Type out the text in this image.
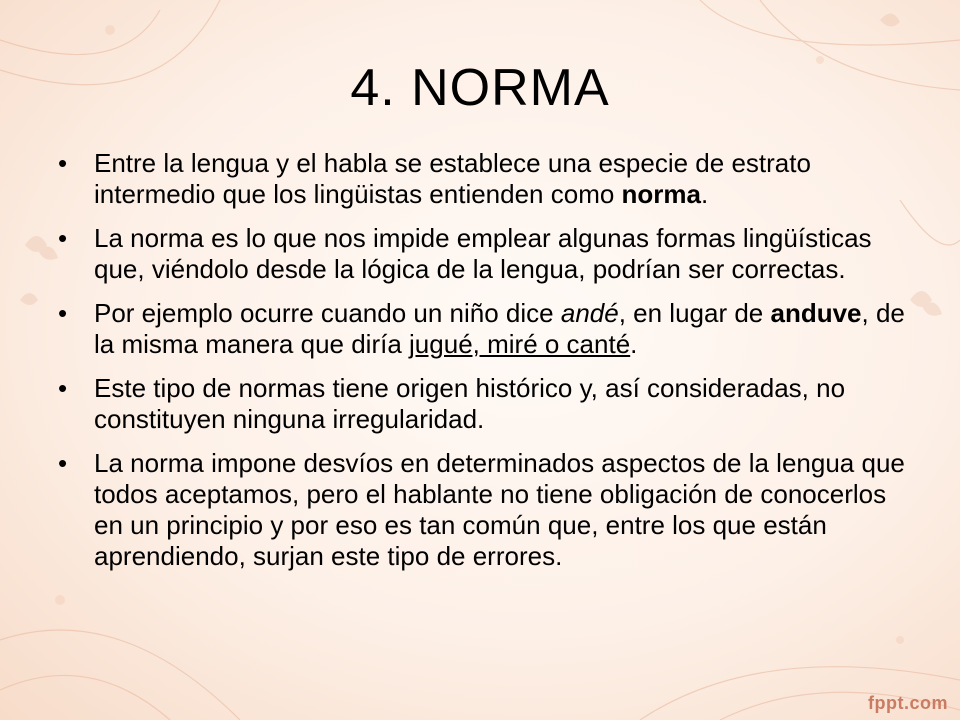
4. NORMA
• Entre la lengua y el habla se establece una especie de estrato intermedio que los lingüistas entienden como norma.
• La norma es lo que nos impide emplear algunas formas lingüísticas que, viéndolo desde la lógica de la lengua, podrían ser correctas.
• Por ejemplo ocurre cuando un niño dice andé, en lugar de anduve, de la misma manera que diría jugué, miré o canté.
• Este tipo de normas tiene origen histórico y, así consideradas, no constituyen ninguna irregularidad.
• La norma impone desvíos en determinados aspectos de la lengua que todos aceptamos, pero el hablante no tiene obligación de conocerlos en un principio y por eso es tan común que, entre los que están aprendiendo, surjan este tipo de errores.
fppt.com
